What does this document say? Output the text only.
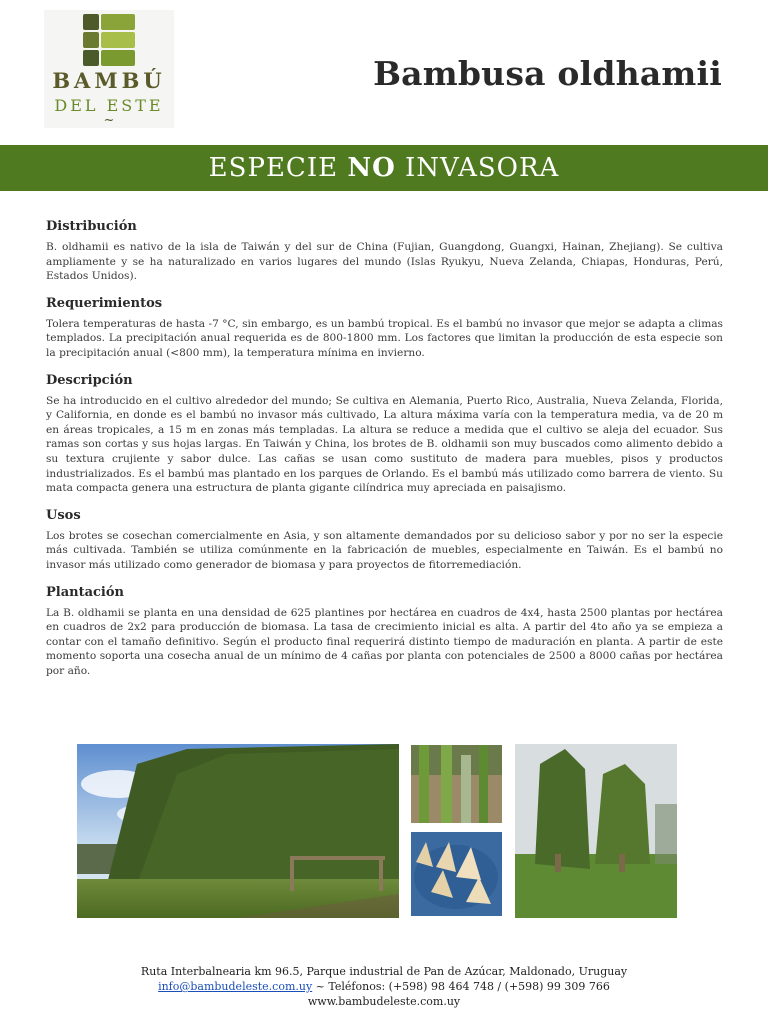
BAMBÚ
DEL ESTE
~
Bambusa oldhamii
ESPECIE NO INVASORA
Distribución

B. oldhamii es nativo de la isla de Taiwán y del sur de China (Fujian, Guangdong, Guangxi, Hainan, Zhejiang). Se cultiva ampliamente y se ha naturalizado en varios lugares del mundo (Islas Ryukyu, Nueva Zelanda, Chiapas, Honduras, Perú, Estados Unidos).

Requerimientos

Tolera temperaturas de hasta -7 °C, sin embargo, es un bambú tropical. Es el bambú no invasor que mejor se adapta a climas templados. La precipitación anual requerida es de 800-1800 mm. Los factores que limitan la producción de esta especie son la precipitación anual (<800 mm), la temperatura mínima en invierno.

Descripción

Se ha introducido en el cultivo alrededor del mundo; Se cultiva en Alemania, Puerto Rico, Australia, Nueva Zelanda, Florida, y California, en donde es el bambú no invasor más cultivado, La altura máxima varía con la temperatura media, va de 20 m en áreas tropicales, a 15 m en zonas más templadas. La altura se reduce a medida que el cultivo se aleja del ecuador. Sus ramas son cortas y sus hojas largas. En Taiwán y China, los brotes de B. oldhamii son muy buscados como alimento debido a su textura crujiente y sabor dulce. Las cañas se usan como sustituto de madera para muebles, pisos y productos industrializados. Es el bambú mas plantado en los parques de Orlando. Es el bambú más utilizado como barrera de viento. Su mata compacta genera una estructura de planta gigante cilíndrica muy apreciada en paisajismo.

Usos

Los brotes se cosechan comercialmente en Asia, y son altamente demandados por su delicioso sabor y por no ser la especie más cultivada. También se utiliza comúnmente en la fabricación de muebles, especialmente en Taiwán. Es el bambú no invasor más utilizado como generador de biomasa y para proyectos de fitorremediación.

Plantación

La B. oldhamii se planta en una densidad de 625 plantines por hectárea en cuadros de 4x4, hasta 2500 plantas por hectárea en cuadros de 2x2 para producción de biomasa. La tasa de crecimiento inicial es alta. A partir del 4to año ya se empieza a contar con el tamaño definitivo. Según el producto final requerirá distinto tiempo de maduración en planta. A partir de este momento soporta una cosecha anual de un mínimo de 4 cañas por planta con potenciales de 2500 a 8000 cañas por hectárea por año.

Ruta Interbalnearia km 96.5, Parque industrial de Pan de Azúcar, Maldonado, Uruguay
info@bambudeleste.com.uy ~ Teléfonos: (+598) 98 464 748 / (+598) 99 309 766
www.bambudeleste.com.uy
